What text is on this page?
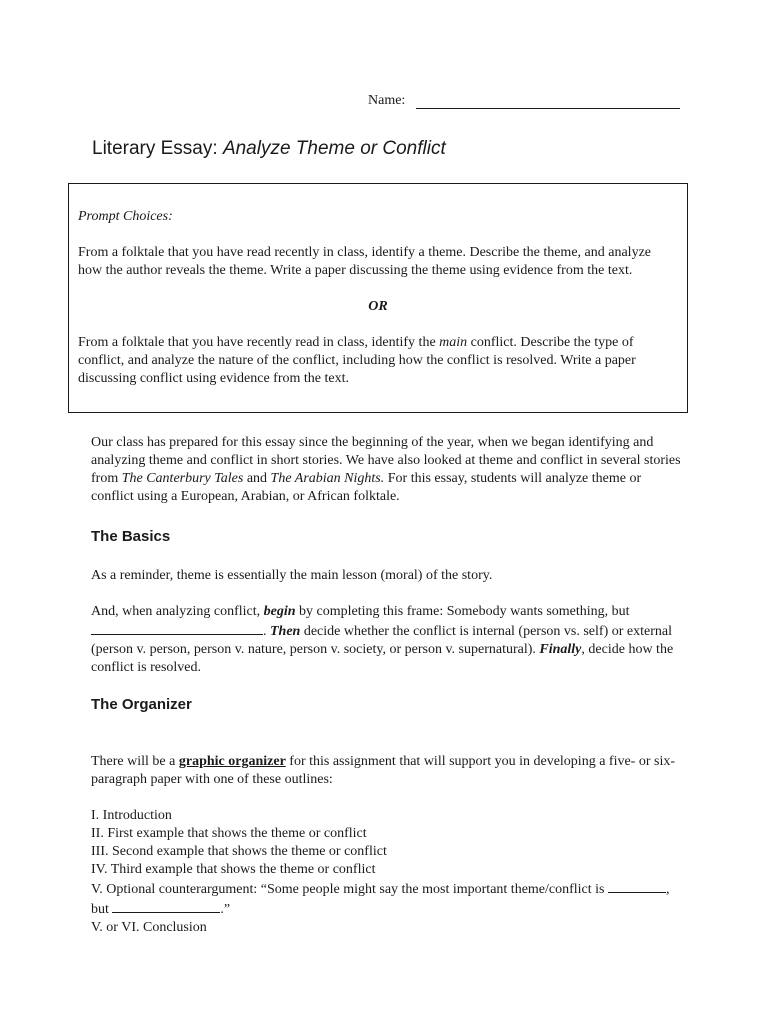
Name:
Literary Essay: Analyze Theme or Conflict

Prompt Choices:

From a folktale that you have read recently in class, identify a theme. Describe the theme, and analyze how the author reveals the theme. Write a paper discussing the theme using evidence from the text.

OR

From a folktale that you have recently read in class, identify the main conflict. Describe the type of conflict, and analyze the nature of the conflict, including how the conflict is resolved. Write a paper discussing conflict using evidence from the text.

Our class has prepared for this essay since the beginning of the year, when we began identifying and analyzing theme and conflict in short stories. We have also looked at theme and conflict in several stories from The Canterbury Tales and The Arabian Nights. For this essay, students will analyze theme or conflict using a European, Arabian, or African folktale.

The Basics

As a reminder, theme is essentially the main lesson (moral) of the story.

And, when analyzing conflict, begin by completing this frame: Somebody wants something, but. Then decide whether the conflict is internal (person vs. self) or external (person v. person, person v. nature, person v. society, or person v. supernatural). Finally, decide how the conflict is resolved.

The Organizer

There will be a graphic organizer for this assignment that will support you in developing a five- or six-paragraph paper with one of these outlines:

I. Introduction

II. First example that shows the theme or conflict

III. Second example that shows the theme or conflict

IV. Third example that shows the theme or conflict

V. Optional counterargument: “Some people might say the most important theme/conflict is	, but	.”

V. or VI. Conclusion
